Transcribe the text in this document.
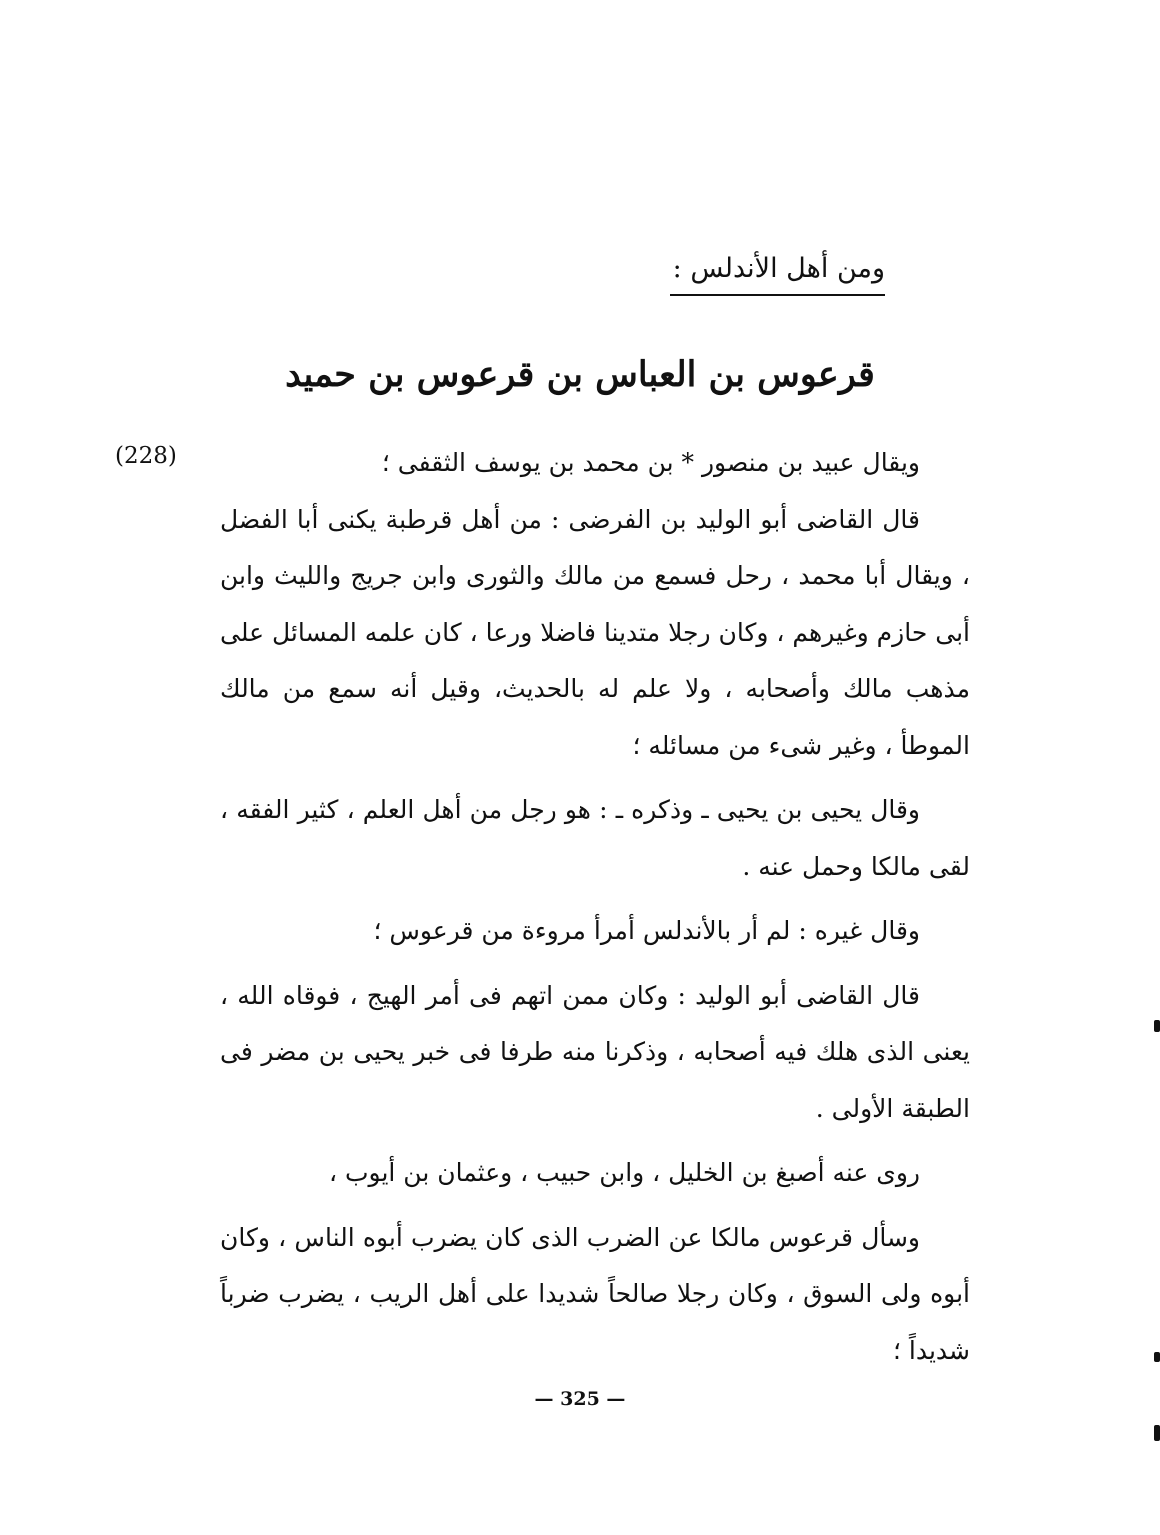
ومن أهل الأندلس :
قرعوس بن العباس بن قرعوس بن حميد
(228)	ويقال عبيد بن منصور * بن محمد بن يوسف الثقفى ؛

قال القاضى أبو الوليد بن الفرضى : من أهل قرطبة يكنى أبا الفضل ، ويقال أبا محمد ، رحل فسمع من مالك والثورى وابن جريج والليث وابن أبى حازم وغيرهم ، وكان رجلا متدينا فاضلا ورعا ، كان علمه المسائل على مذهب مالك وأصحابه ، ولا علم له بالحديث، وقيل أنه سمع من مالك الموطأ ، وغير شىء من مسائله ؛

وقال يحيى بن يحيى ـ وذكره ـ : هو رجل من أهل العلم ، كثير الفقه ، لقى مالكا وحمل عنه .

وقال غيره : لم أر بالأندلس أمرأ مروءة من قرعوس ؛

قال القاضى أبو الوليد : وكان ممن اتهم فى أمر الهيج ، فوقاه الله ، يعنى الذى هلك فيه أصحابه ، وذكرنا منه طرفا فى خبر يحيى بن مضر فى الطبقة الأولى .

روى عنه أصبغ بن الخليل ، وابن حبيب ، وعثمان بن أيوب ،

وسأل قرعوس مالكا عن الضرب الذى كان يضرب أبوه الناس ، وكان أبوه ولى السوق ، وكان رجلا صالحاً شديدا على أهل الريب ، يضرب ضرباً شديداً ؛

— 325 —
